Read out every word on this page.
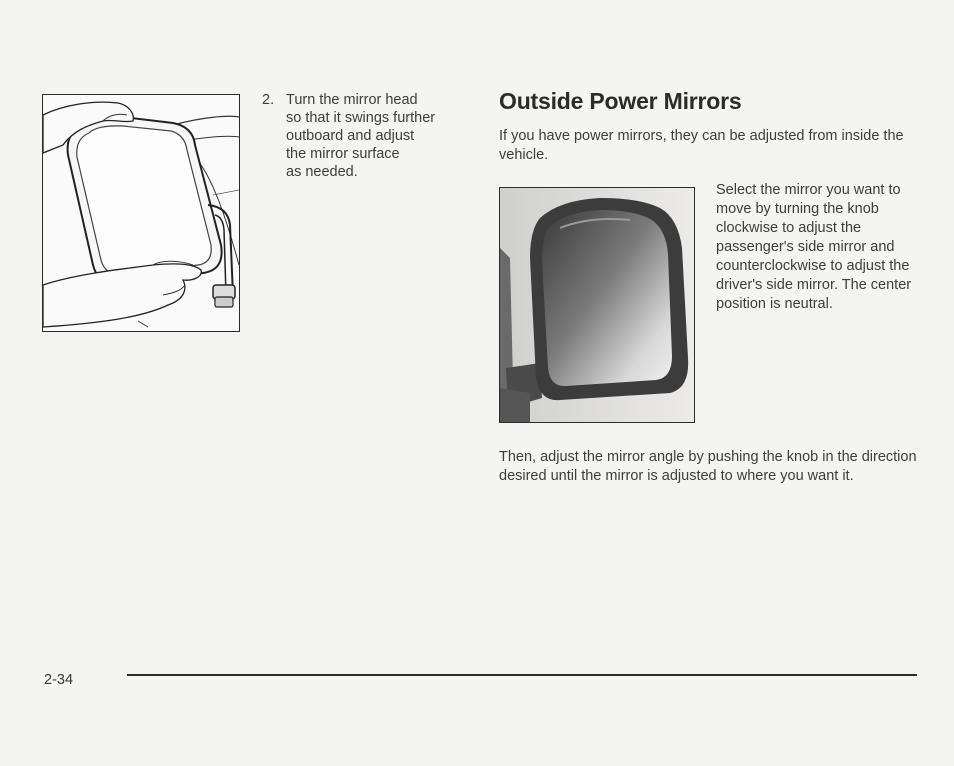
2. Turn the mirror head
so that it swings further
outboard and adjust
the mirror surface
as needed.
Outside Power Mirrors
If you have power mirrors, they can be adjusted from inside the vehicle.
Select the mirror you want to move by turning the knob clockwise to adjust the passenger's side mirror and counterclockwise to adjust the driver's side mirror. The center position is neutral.
Then, adjust the mirror angle by pushing the knob in the direction desired until the mirror is adjusted to where you want it.
2-34
